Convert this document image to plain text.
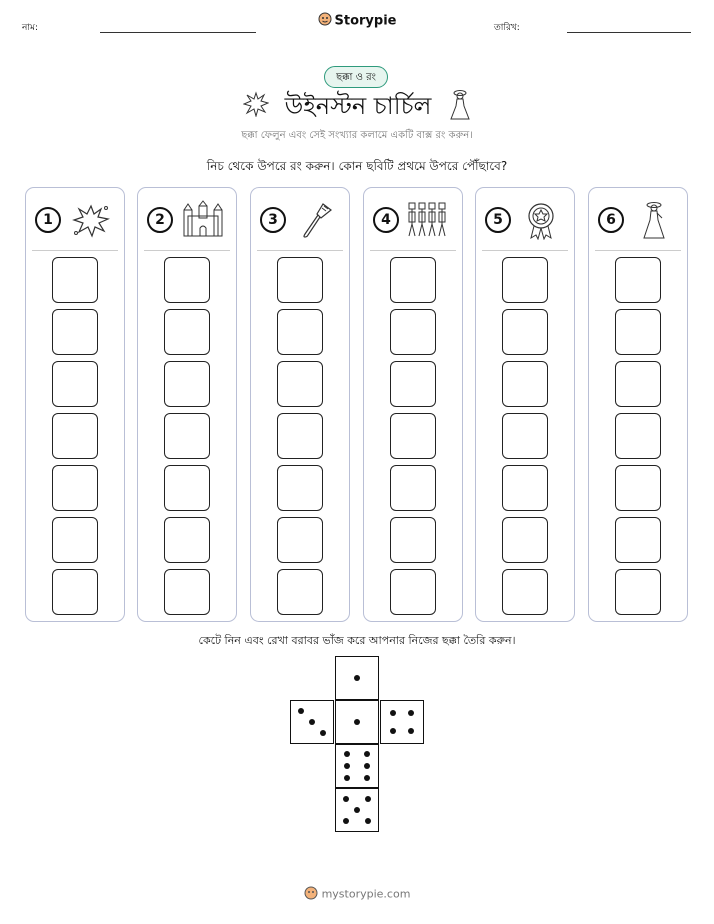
নাম:	Storypie	তারিখ:
ছক্কা ও রং
উইনস্টন চার্চিল
ছক্কা ফেলুন এবং সেই সংখ্যার কলামে একটি বাক্স রং করুন।
নিচ থেকে উপরে রং করুন। কোন ছবিটি প্রথমে উপরে পৌঁছাবে?
1	2	3	4	5	6
কেটে নিন এবং রেখা বরাবর ভাঁজ করে আপনার নিজের ছক্কা তৈরি করুন।
mystorypie.com
